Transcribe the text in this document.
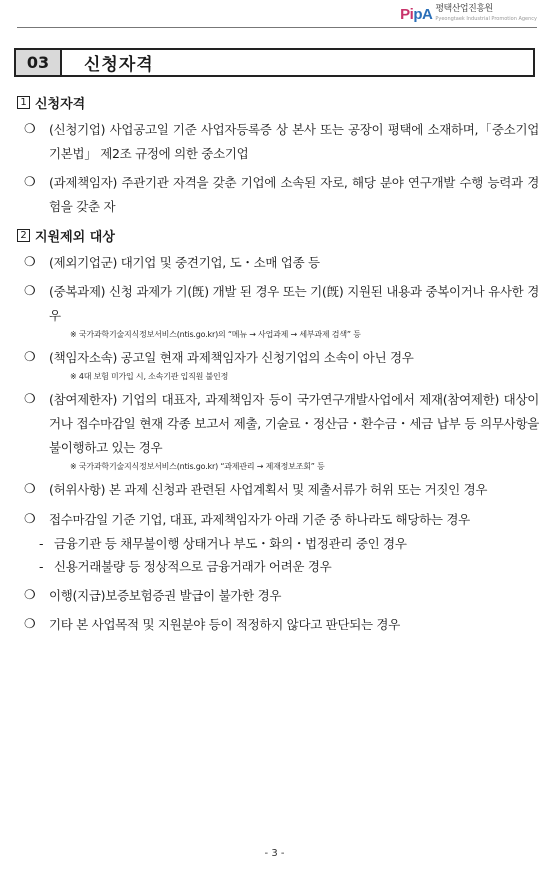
PipA 평택산업진흥원
Pyeongtaek Industrial Promotion Agency
03	신청자격
1 신청자격
❍	(신청기업) 사업공고일 기준 사업자등록증 상 본사 또는 공장이 평택에 소재하며,「중소기업 기본법」 제2조 규정에 의한 중소기업
❍	(과제책임자) 주관기관 자격을 갖춘 기업에 소속된 자로, 해당 분야 연구개발 수행 능력과 경험을 갖춘 자
2 지원제외 대상
❍	(제외기업군) 대기업 및 중견기업, 도・소매 업종 등
❍	(중복과제) 신청 과제가 기(旣) 개발 된 경우 또는 기(旣) 지원된 내용과 중복이거나 유사한 경우
※ 국가과학기술지식정보서비스(ntis.go.kr)의 “메뉴 → 사업과제 → 세부과제 검색” 등
❍	(책임자소속) 공고일 현재 과제책임자가 신청기업의 소속이 아닌 경우
※ 4대 보험 미가입 시, 소속기관 입직원 불인정
❍	(참여제한자) 기업의 대표자, 과제책임자 등이 국가연구개발사업에서 제재(참여제한) 대상이거나 접수마감일 현재 각종 보고서 제출, 기술료・정산금・환수금・세금 납부 등 의무사항을 불이행하고 있는 경우
※ 국가과학기술지식정보서비스(ntis.go.kr) “과제관리 → 제재정보조회” 등
❍	(허위사항) 본 과제 신청과 관련된 사업계획서 및 제출서류가 허위 또는 거짓인 경우
❍	접수마감일 기준 기업, 대표, 과제책임자가 아래 기준 중 하나라도 해당하는 경우
- 금융기관 등 채무불이행 상태거나 부도・화의・법정관리 중인 경우
- 신용거래불량 등 정상적으로 금융거래가 어려운 경우
❍	이행(지급)보증보험증권 발급이 불가한 경우
❍	기타 본 사업목적 및 지원분야 등이 적정하지 않다고 판단되는 경우
- 3 -
